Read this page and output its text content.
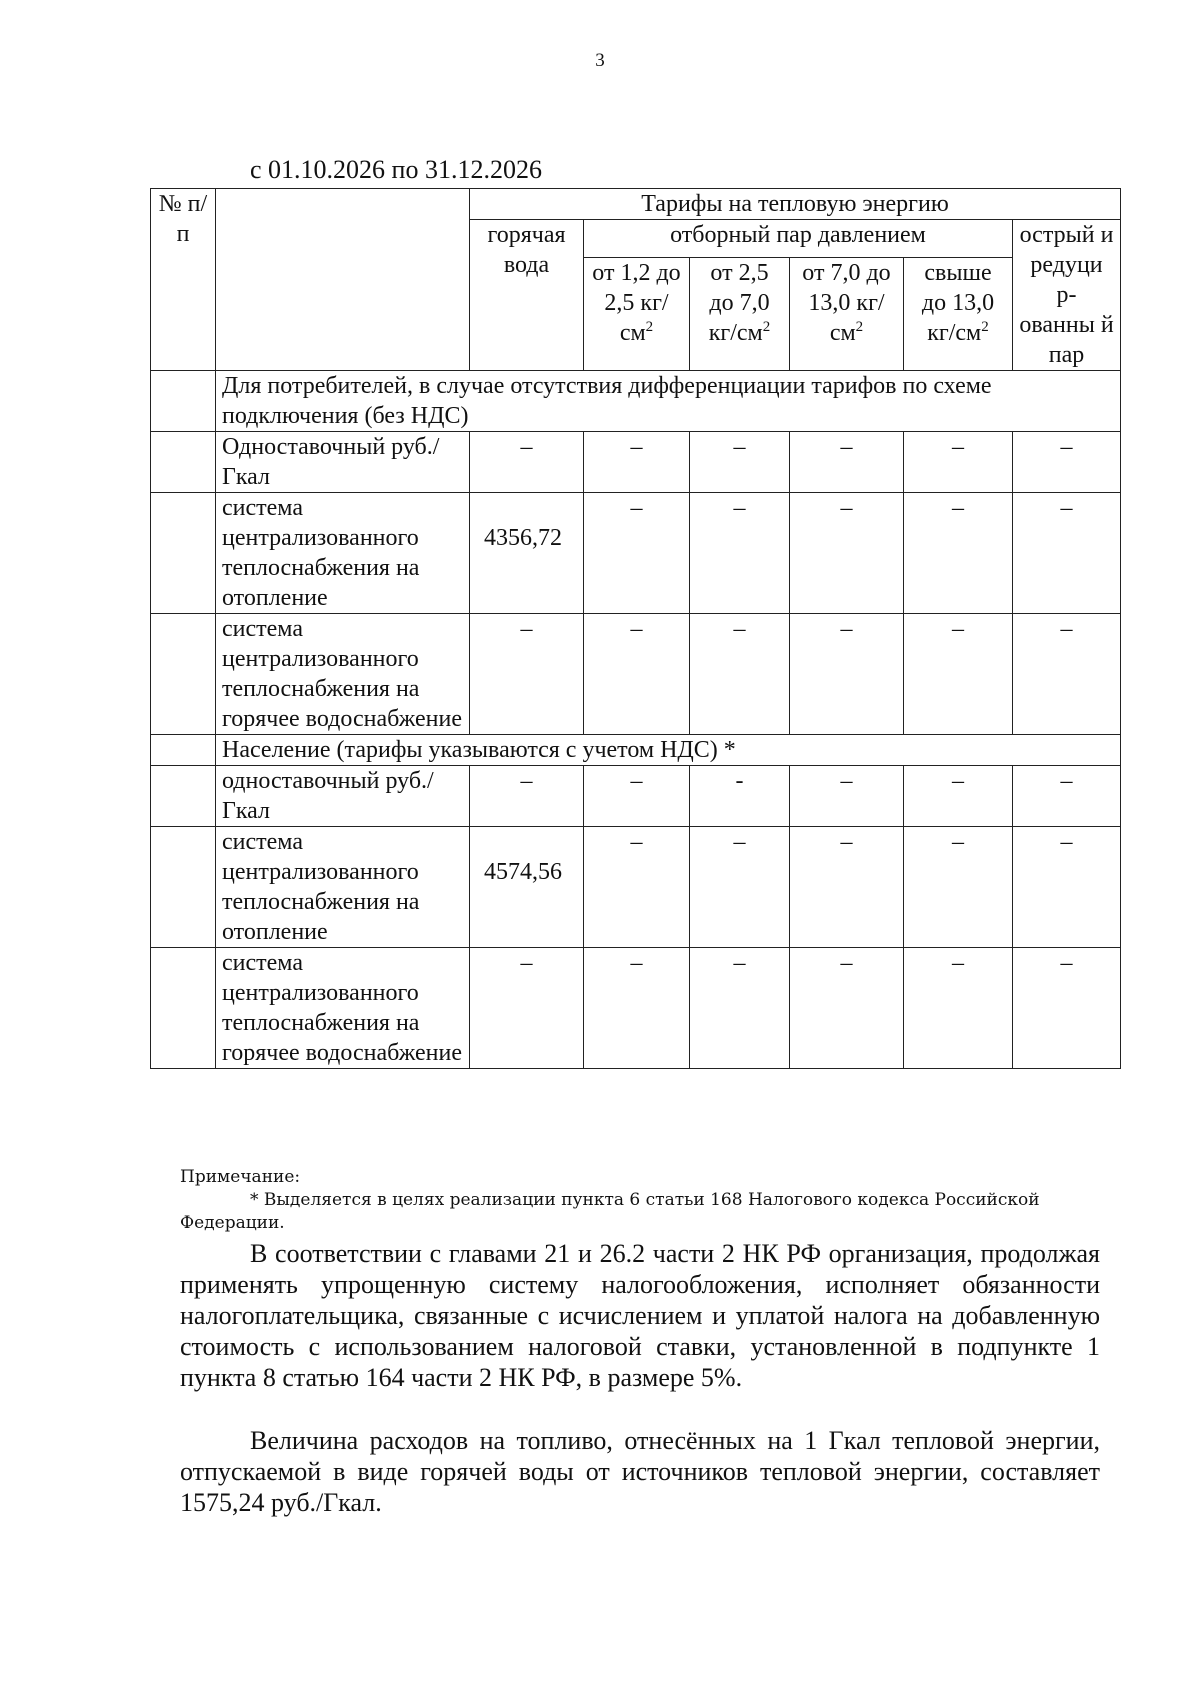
3
с 01.10.2026 по 31.12.2026
№ п/п		Тарифы на тепловую энергию					
		горячая вода	отборный пар давлением				острый и редуци р- ованны й пар
			от 1,2 до 2,5 $кг/см^2$	от 2,5 до 7,0 $кг/см^2$	от 7,0 до 13,0 $кг/см^2$	свыше до 13,0 $кг/см^2$
	Для потребителей, в случае отсутствия дифференциации тарифов по схеме подключения (без НДС)						
	Одноставочный руб./Гкал	–	–	–	–	–	–
	система централизованного теплоснабжения на отопление	4356,72	–	–	–	–	–
	система централизованного теплоснабжения на горячее водоснабжение	–	–	–	–	–	–
	Население (тарифы указываются с учетом НДС) *						
	одноставочный руб./Гкал	–	–	-	–	–	–
	система централизованного теплоснабжения на отопление	4574,56	–	–	–	–	–
	система централизованного теплоснабжения на горячее водоснабжение	–	–	–	–	–	–
Примечание:
* Выделяется в целях реализации пункта 6 статьи 168 Налогового кодекса Российской
Федерации.

В соответствии с главами 21 и 26.2 части 2 НК РФ организация, продолжая применять упрощенную систему налогообложения, исполняет обязанности налогоплательщика, связанные с исчислением и уплатой налога на добавленную стоимость с использованием налоговой ставки, установленной в подпункте 1 пункта 8 статью 164 части 2 НК РФ, в размере 5%.

Величина расходов на топливо, отнесённых на 1 Гкал тепловой энергии, отпускаемой в виде горячей воды от источников тепловой энергии, составляет 1575,24 руб./Гкал.
